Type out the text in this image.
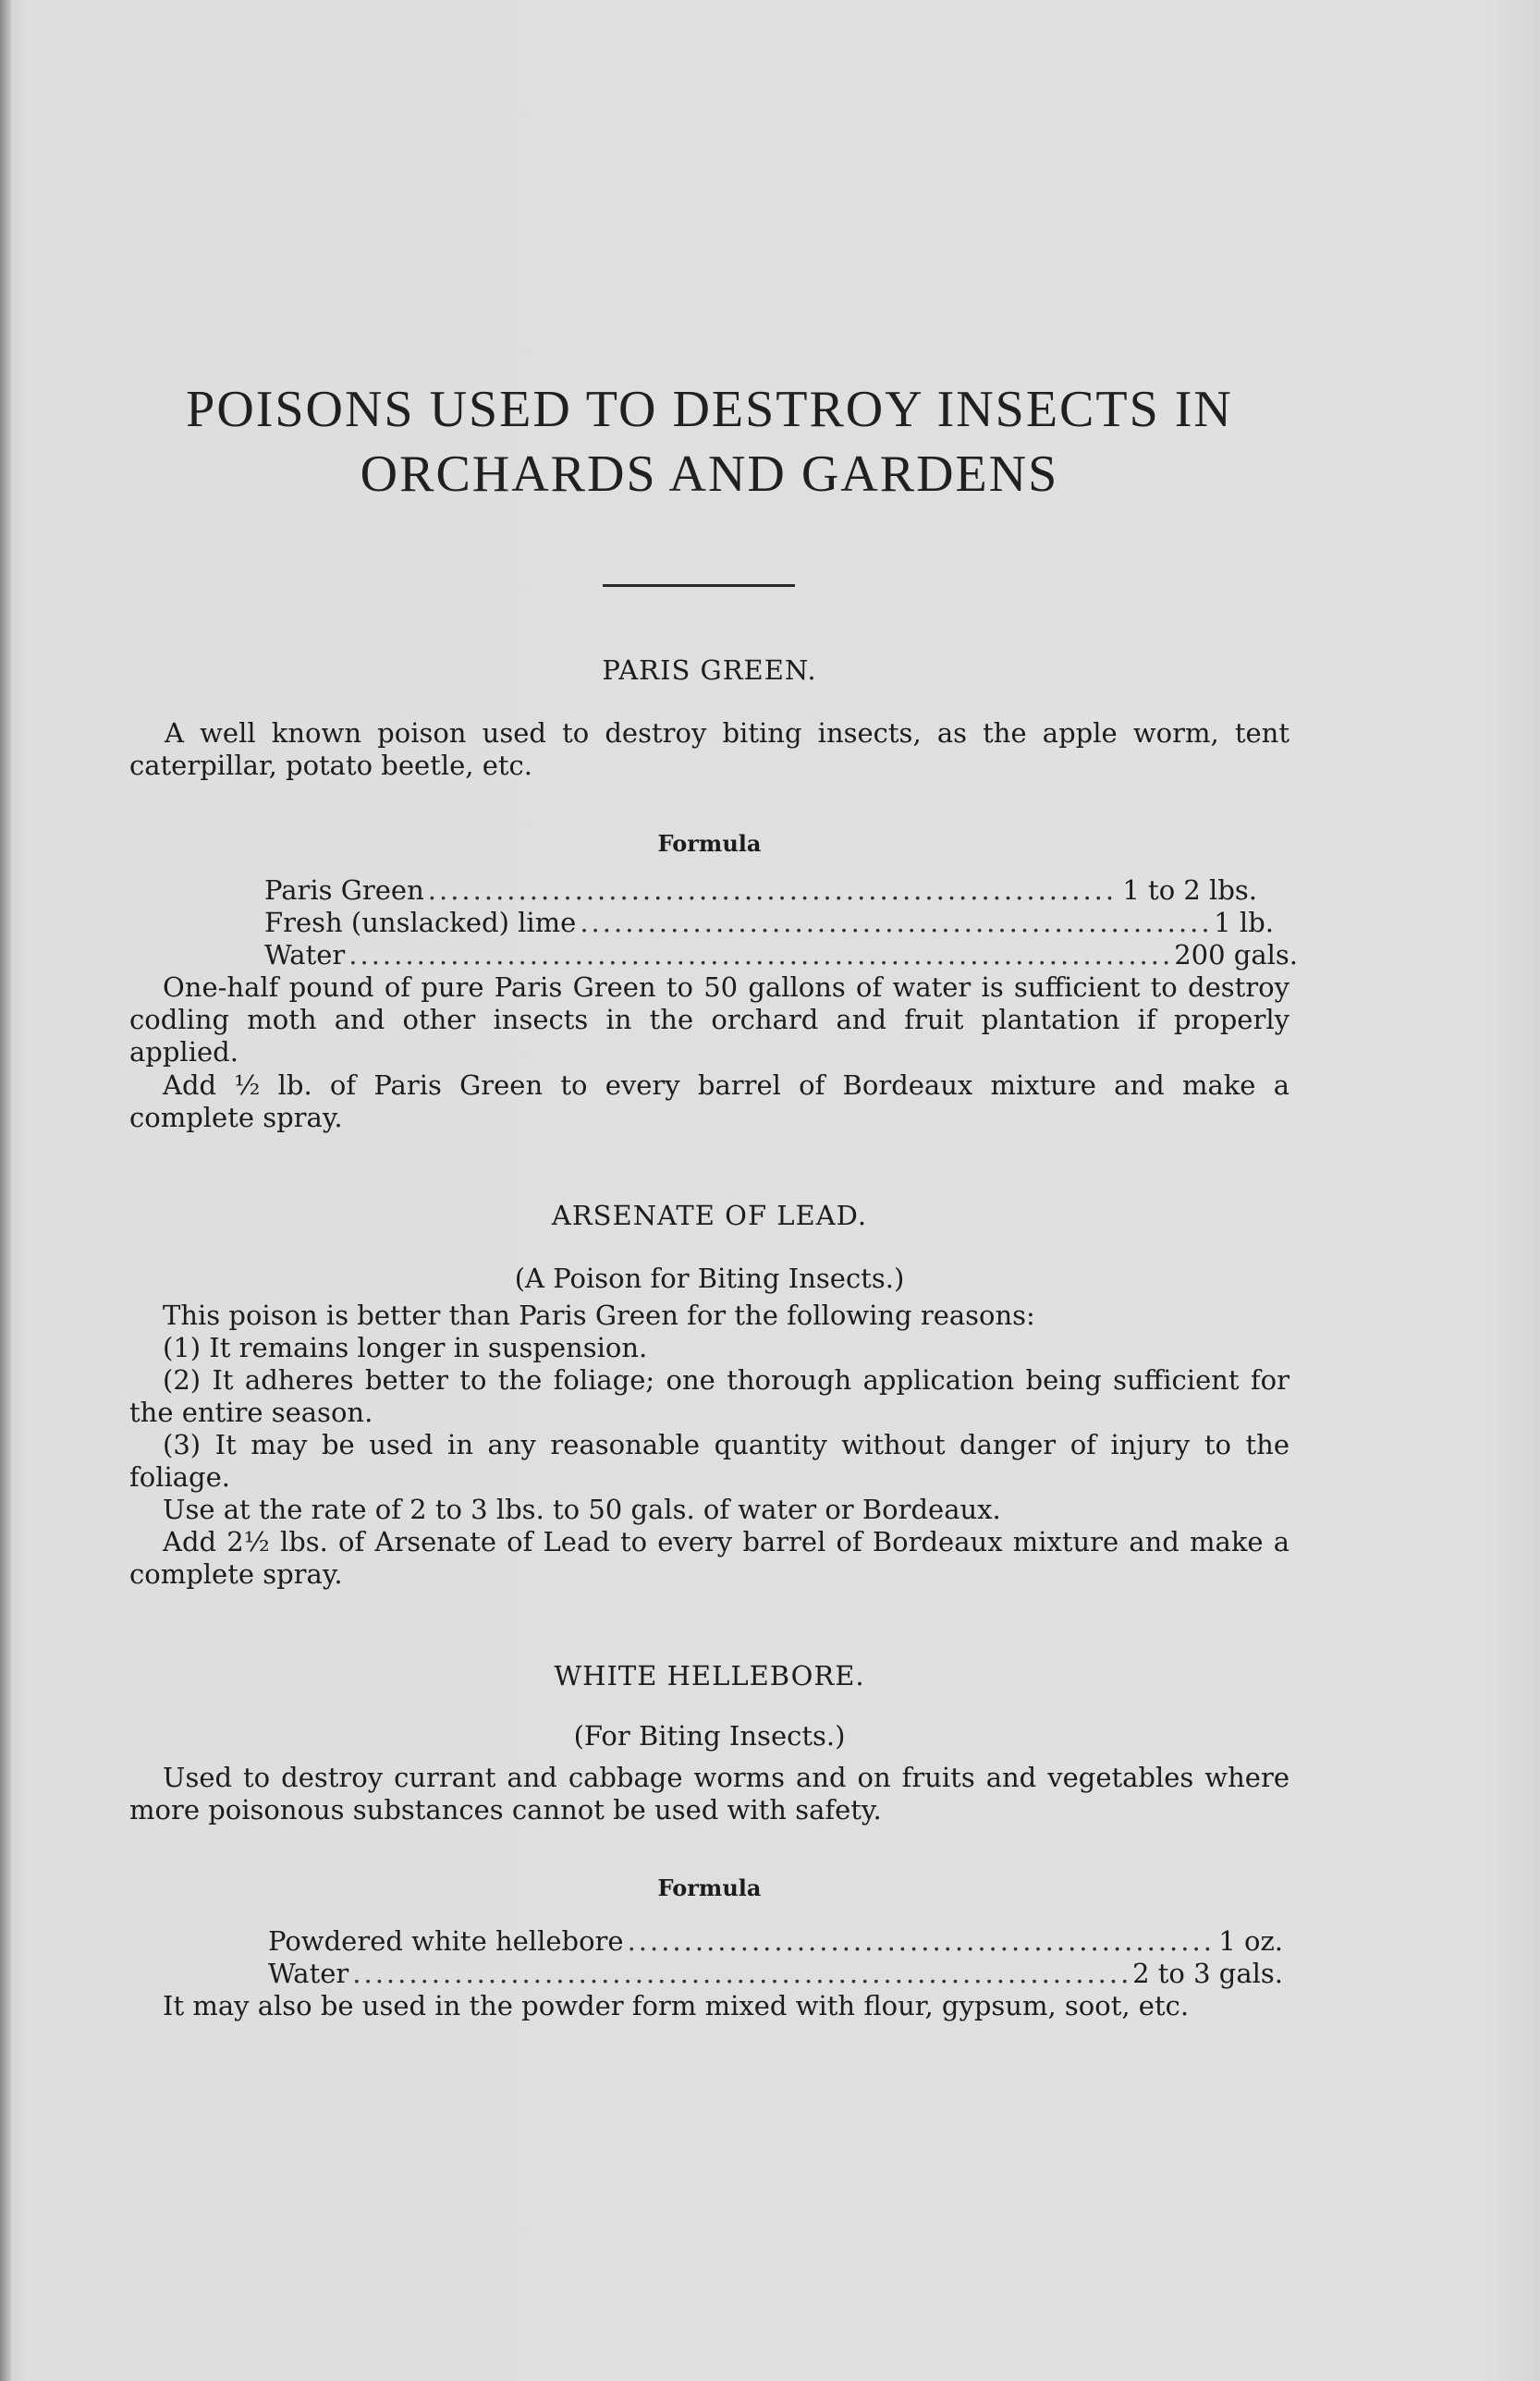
POISONS USED TO DESTROY INSECTS IN
ORCHARDS AND GARDENS
PARIS GREEN.

A well known poison used to destroy biting insects, as the apple worm, tent caterpillar, potato beetle, etc.

Formula

Paris Green .....	1 to 2 lbs.
Fresh (unslacked) lime .....	1 lb.
Water .....	200 gals.

One-half pound of pure Paris Green to 50 gallons of water is sufficient to destroy codling moth and other insects in the orchard and fruit plantation if properly applied.

Add ½ lb. of Paris Green to every barrel of Bordeaux mixture and make a complete spray.

ARSENATE OF LEAD.

(A Poison for Biting Insects.)

This poison is better than Paris Green for the following reasons:

(1) It remains longer in suspension.

(2) It adheres better to the foliage; one thorough application being sufficient for the entire season.

(3) It may be used in any reasonable quantity without danger of injury to the foliage.

Use at the rate of 2 to 3 lbs. to 50 gals. of water or Bordeaux.

Add 2½ lbs. of Arsenate of Lead to every barrel of Bordeaux mixture and make a complete spray.

WHITE HELLEBORE.

(For Biting Insects.)

Used to destroy currant and cabbage worms and on fruits and vegetables where more poisonous substances cannot be used with safety.

Formula

Powdered white hellebore .....	1 oz.
Water .....	2 to 3 gals.

It may also be used in the powder form mixed with flour, gypsum, soot, etc.
